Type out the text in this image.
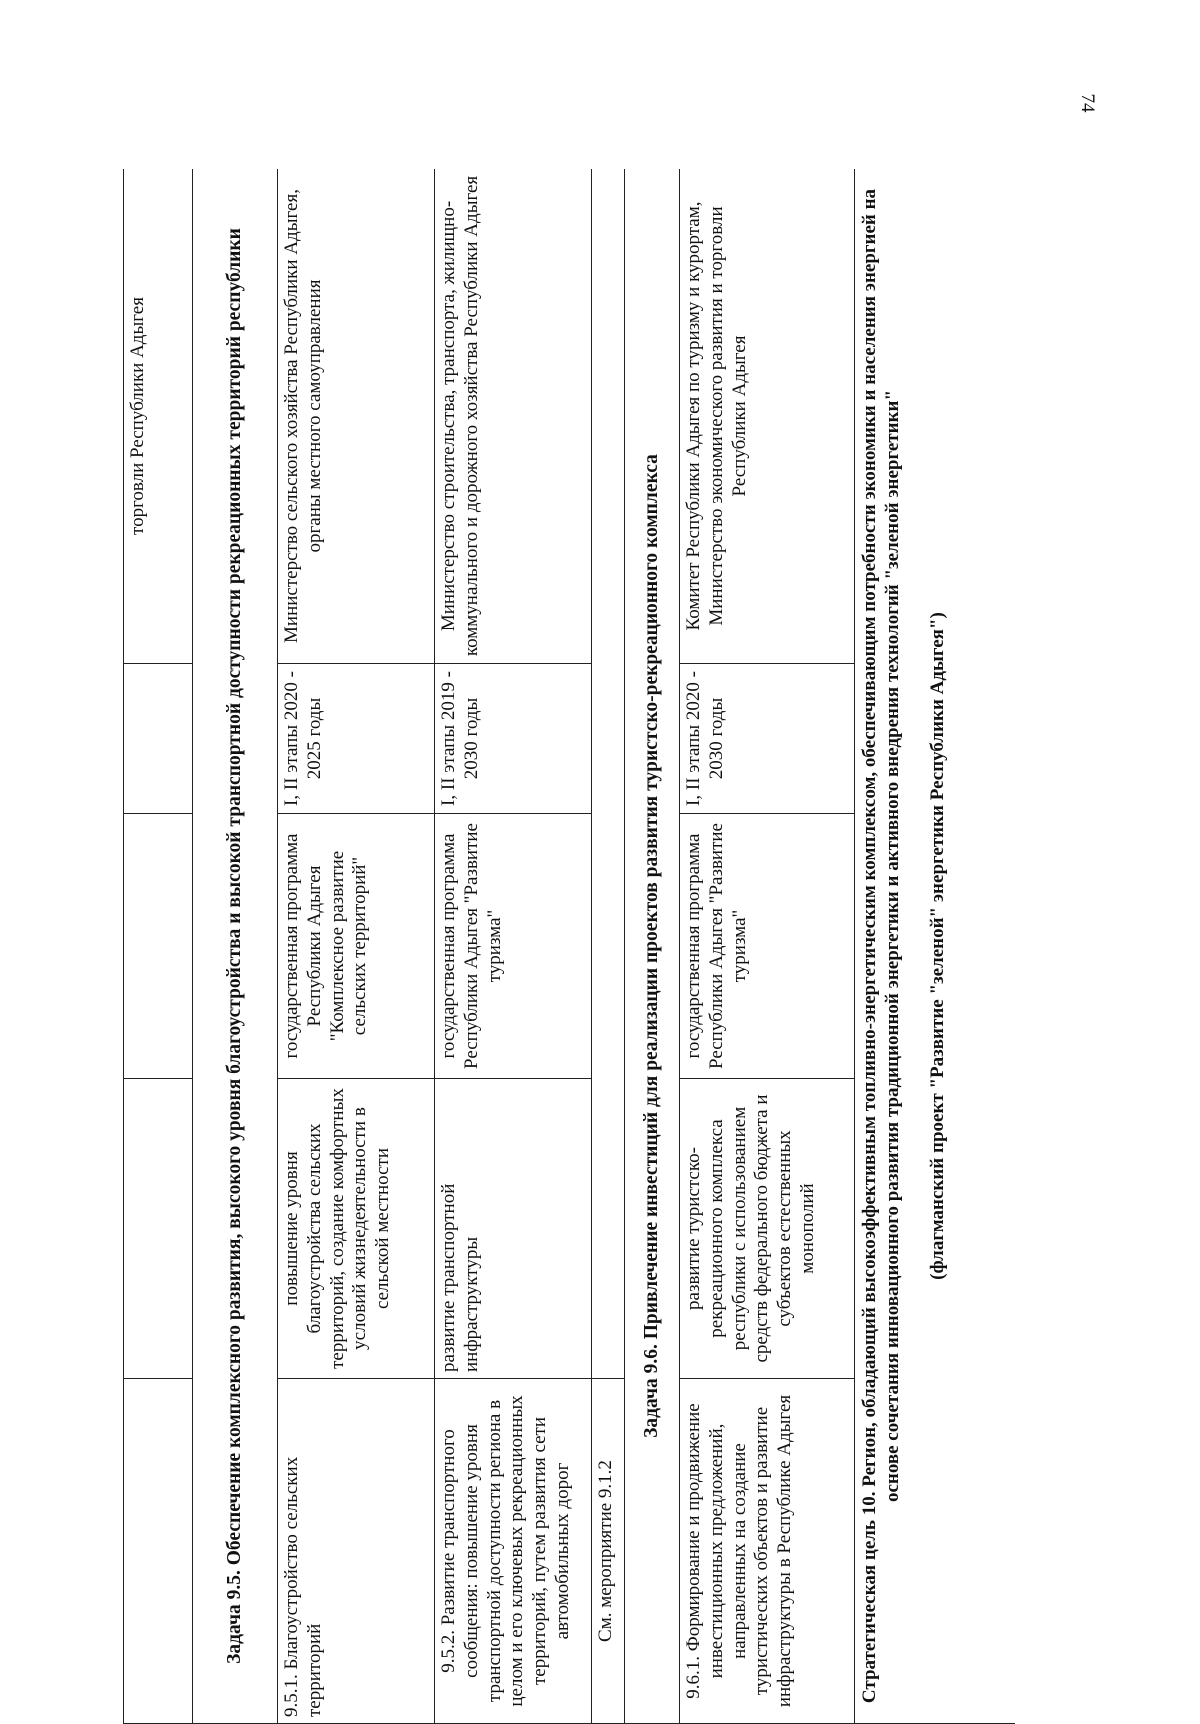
74
				торговли Республики Адыгея
Задача 9.5. Обеспечение комплексного развития, высокого уровня благоустройства и высокой транспортной доступности рекреационных территорий республики				
9.5.1. Благоустройство сельских территорий	повышение уровня благоустройства сельских территорий, создание комфортных условий жизнедеятельности в сельской местности	государственная программа Республики Адыгея "Комплексное развитие сельских территорий"	I, II этапы 2020 - 2025 годы	Министерство сельского хозяйства Республики Адыгея, органы местного самоуправления
9.5.2. Развитие транспортного сообщения: повышение уровня транспортной доступности региона в целом и его ключевых рекреационных территорий, путем развития сети автомобильных дорог	развитие транспортной инфраструктуры	государственная программа Республики Адыгея "Развитие туризма"	I, II этапы 2019 - 2030 годы	Министерство строительства, транспорта, жилищно-коммунального и дорожного хозяйства Республики Адыгея
См. мероприятие 9.1.2				
Задача 9.6. Привлечение инвестиций для реализации проектов развития туристско-рекреационного комплекса				
9.6.1. Формирование и продвижение инвестиционных предложений, направленных на создание туристических объектов и развитие инфраструктуры в Республике Адыгея	развитие туристско-рекреационного комплекса республики с использованием средств федерального бюджета и субъектов естественных монополий	государственная программа Республики Адыгея "Развитие туризма"	I, II этапы 2020 - 2030 годы	Комитет Республики Адыгея по туризму и курортам, Министерство экономического развития и торговли Республики Адыгея
Стратегическая цель 10. Регион, обладающий высокоэффективным топливно-энергетическим комплексом, обеспечивающим потребности экономики и населения энергией на основе сочетания инновационного развития традиционной энергетики и активного внедрения технологий "зеленой энергетики" (флагманский проект "Развитие "зеленой" энергетики Республики Адыгея")				
